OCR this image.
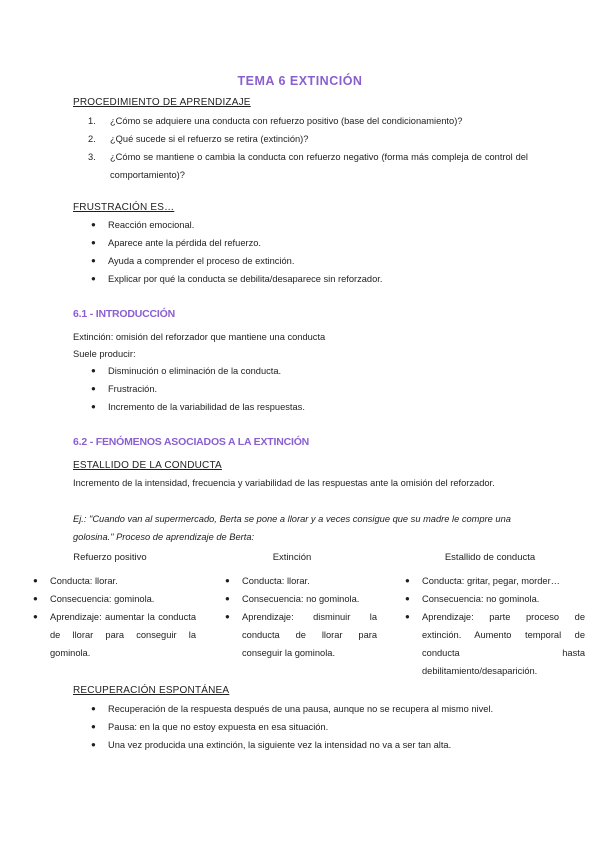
TEMA 6 EXTINCIÓN
PROCEDIMIENTO DE APRENDIZAJE
1. ¿Cómo se adquiere una conducta con refuerzo positivo (base del condicionamiento)?
2. ¿Qué sucede si el refuerzo se retira (extinción)?
3. ¿Cómo se mantiene o cambia la conducta con refuerzo negativo (forma más compleja de control del comportamiento)?
FRUSTRACIÓN ES…
● Reacción emocional.
● Aparece ante la pérdida del refuerzo.
● Ayuda a comprender el proceso de extinción.
● Explicar por qué la conducta se debilita/desaparece sin reforzador.
6.1 - INTRODUCCIÓN
Extinción: omisión del reforzador que mantiene una conducta
Suele producir:
● Disminución o eliminación de la conducta.
● Frustración.
● Incremento de la variabilidad de las respuestas.
6.2 - FENÓMENOS ASOCIADOS A LA EXTINCIÓN
ESTALLIDO DE LA CONDUCTA
Incremento de la intensidad, frecuencia y variabilidad de las respuestas ante la omisión del reforzador.
Ej.: "Cuando van al supermercado, Berta se pone a llorar y a veces consigue que su madre le compre una golosina." Proceso de aprendizaje de Berta:
Refuerzo positivo	Extinción	Estallido de conducta
● Conducta: llorar.
● Consecuencia: gominola.
● Aprendizaje: aumentar la conducta de llorar para conseguir la gominola.
● Conducta: llorar.
● Consecuencia: no gominola.
● Aprendizaje: disminuir la conducta de llorar para conseguir la gominola.
● Conducta: gritar, pegar, morder…
● Consecuencia: no gominola.
● Aprendizaje: parte proceso de extinción. Aumento temporal de conducta hasta debilitamiento/desaparición.
RECUPERACIÓN ESPONTÁNEA
● Recuperación de la respuesta después de una pausa, aunque no se recupera al mismo nivel.
● Pausa: en la que no estoy expuesta en esa situación.
● Una vez producida una extinción, la siguiente vez la intensidad no va a ser tan alta.
